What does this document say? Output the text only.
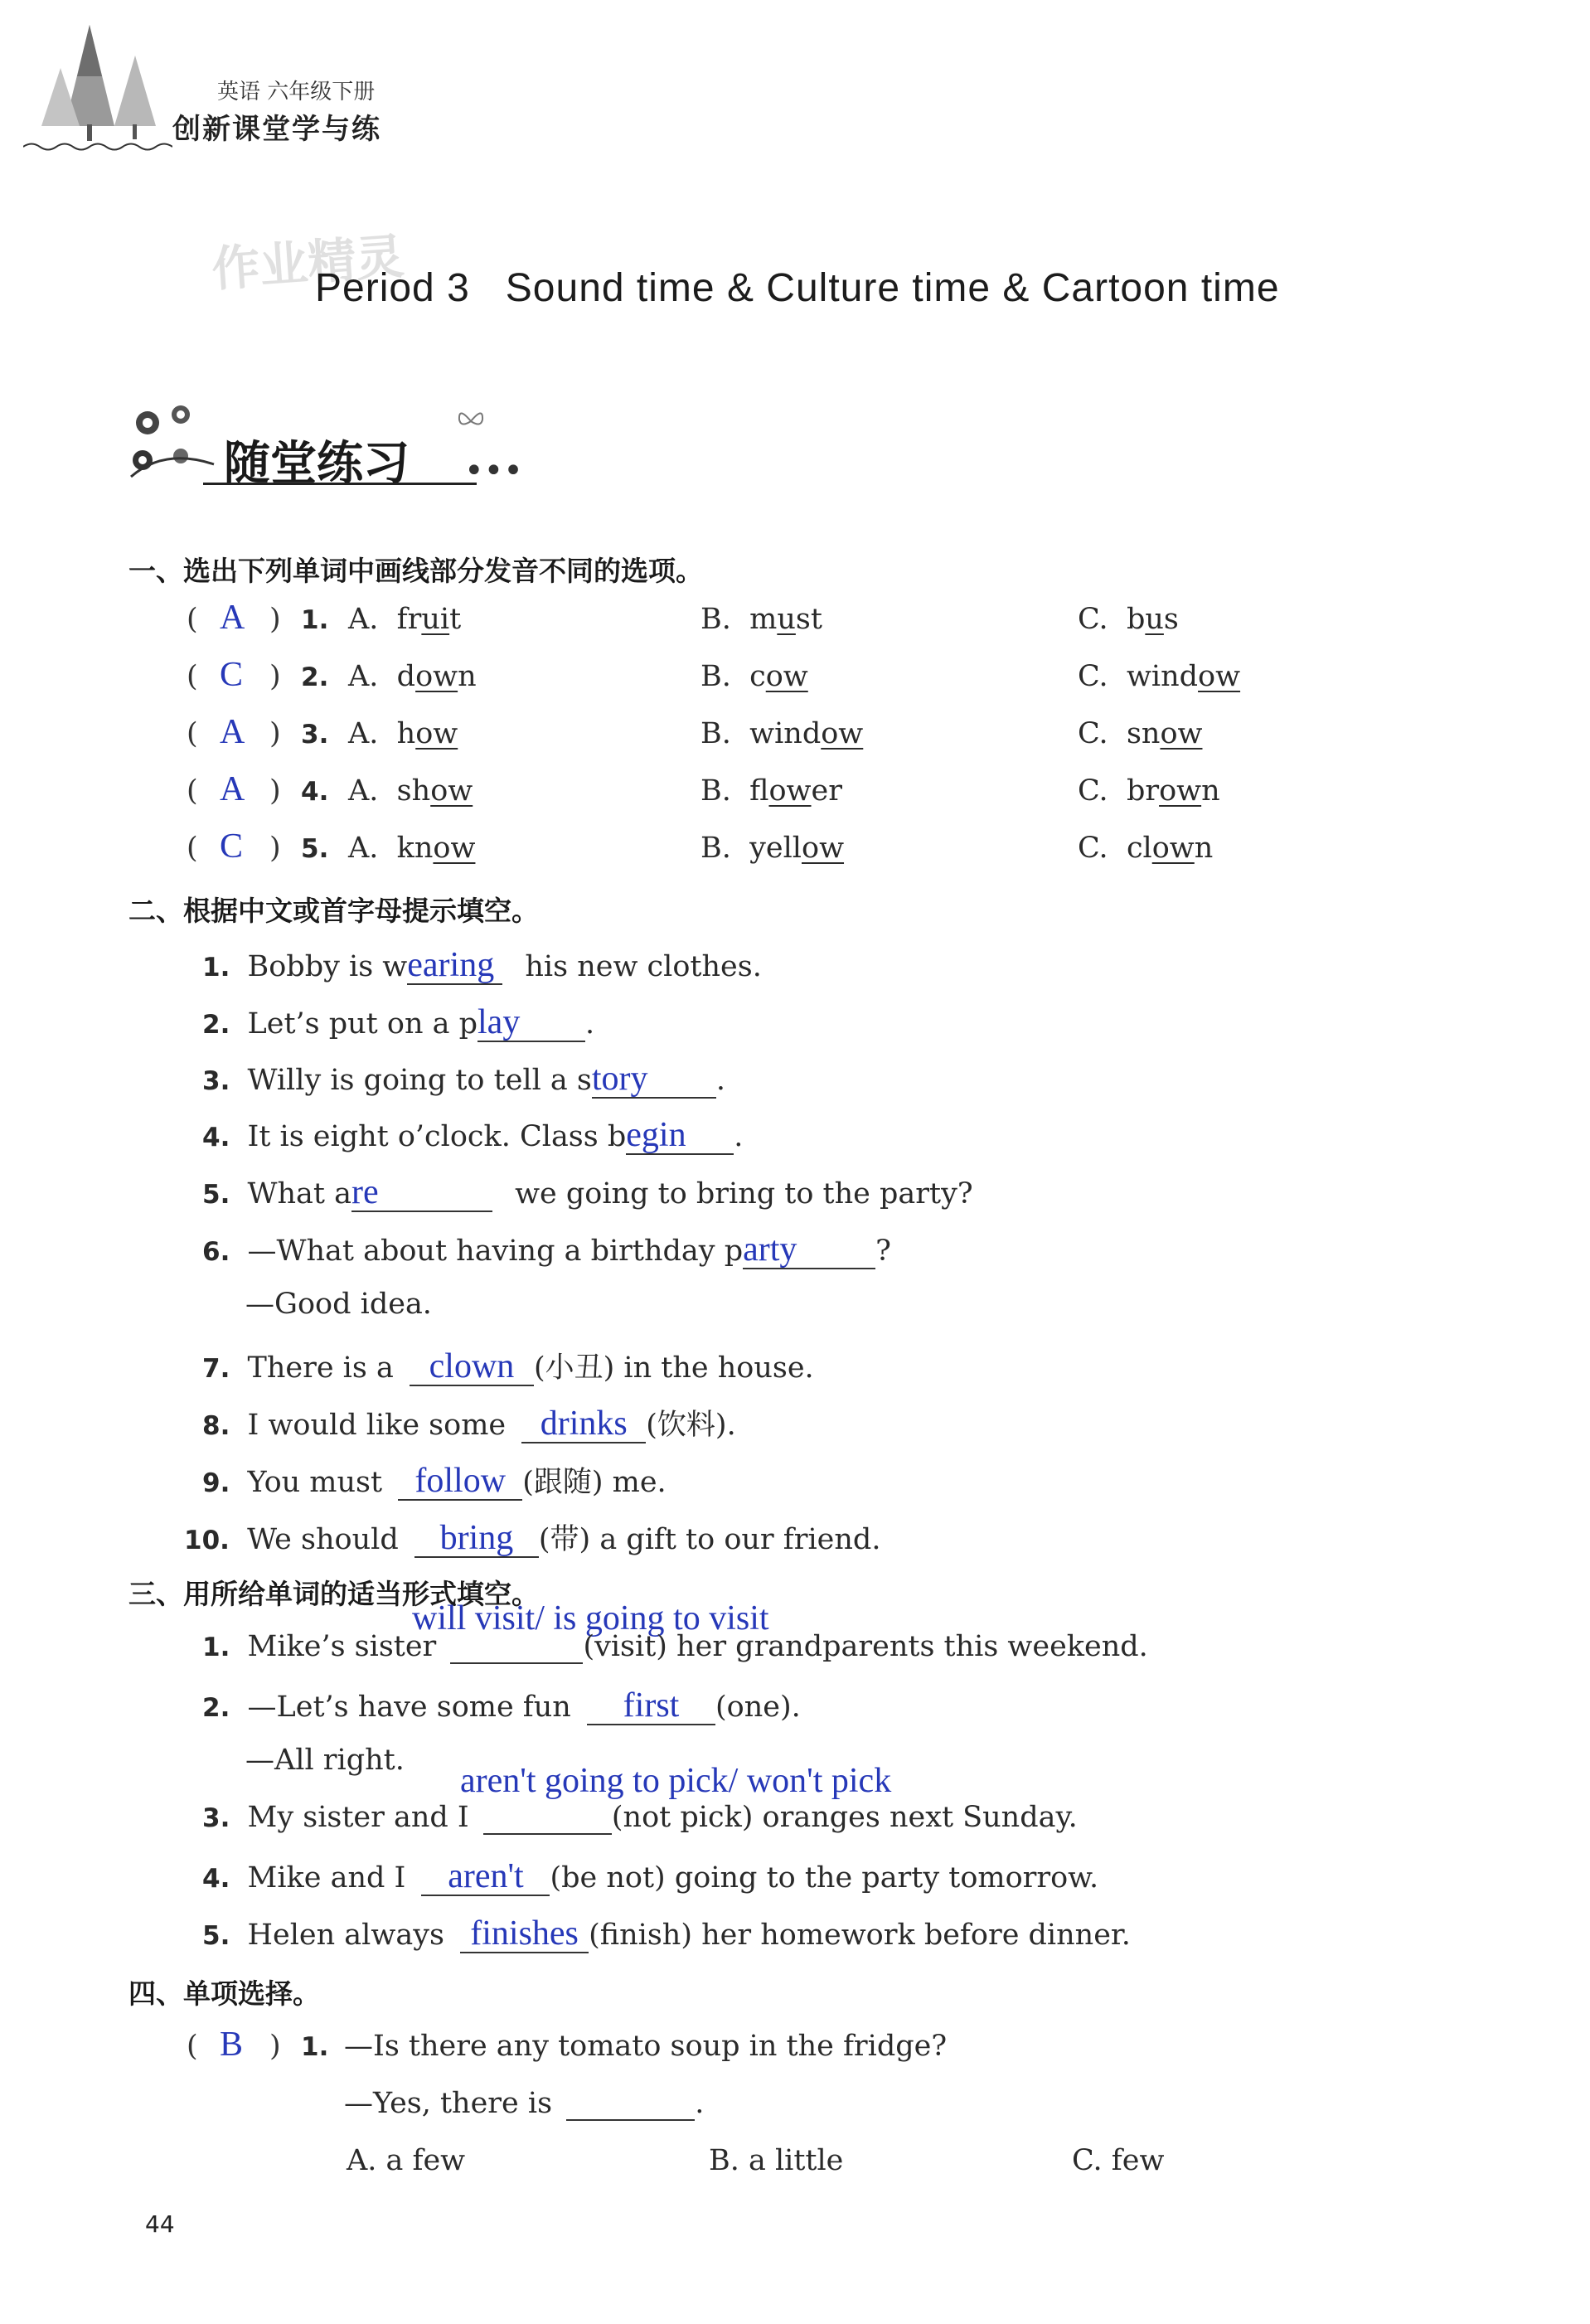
英语 六年级下册
创新课堂学与练
作业精灵
Period 3   Sound time & Culture time & Cartoon time
随堂练习 •••
一、选出下列单词中画线部分发音不同的选项。
( A ) 1. A. fruit	B. must	C. bus
( C ) 2. A. down	B. cow	C. window
( A ) 3. A. how	B. window	C. snow
( A ) 4. A. show	B. flower	C. brown
( C ) 5. A. know	B. yellow	C. clown
二、根据中文或首字母提示填空。
1. Bobby is wearing his new clothes.
2. Let’s put on a play .
3. Willy is going to tell a story .
4. It is eight o’clock. Class begin .
5. What are	we going to bring to the party?
6. —What about having a birthday party	?
—Good idea.
7. There is a clown (小丑) in the house.
8. I would like some drinks (饮料).
9. You must follow (跟随) me.
10. We should bring (带) a gift to our friend.
三、用所给单词的适当形式填空。
will visit/ is going to visit
1. Mike’s sister	(visit) her grandparents this weekend.
2. —Let’s have some fun first (one).
—All right.
aren't going to pick/ won't pick
3. My sister and I	(not pick) oranges next Sunday.
4. Mike and I aren't (be not) going to the party tomorrow.
5. Helen always finishes (finish) her homework before dinner.
四、单项选择。
( B ) 1. —Is there any tomato soup in the fridge?
—Yes, there is	.
A. a few	B. a little	C. few
44
